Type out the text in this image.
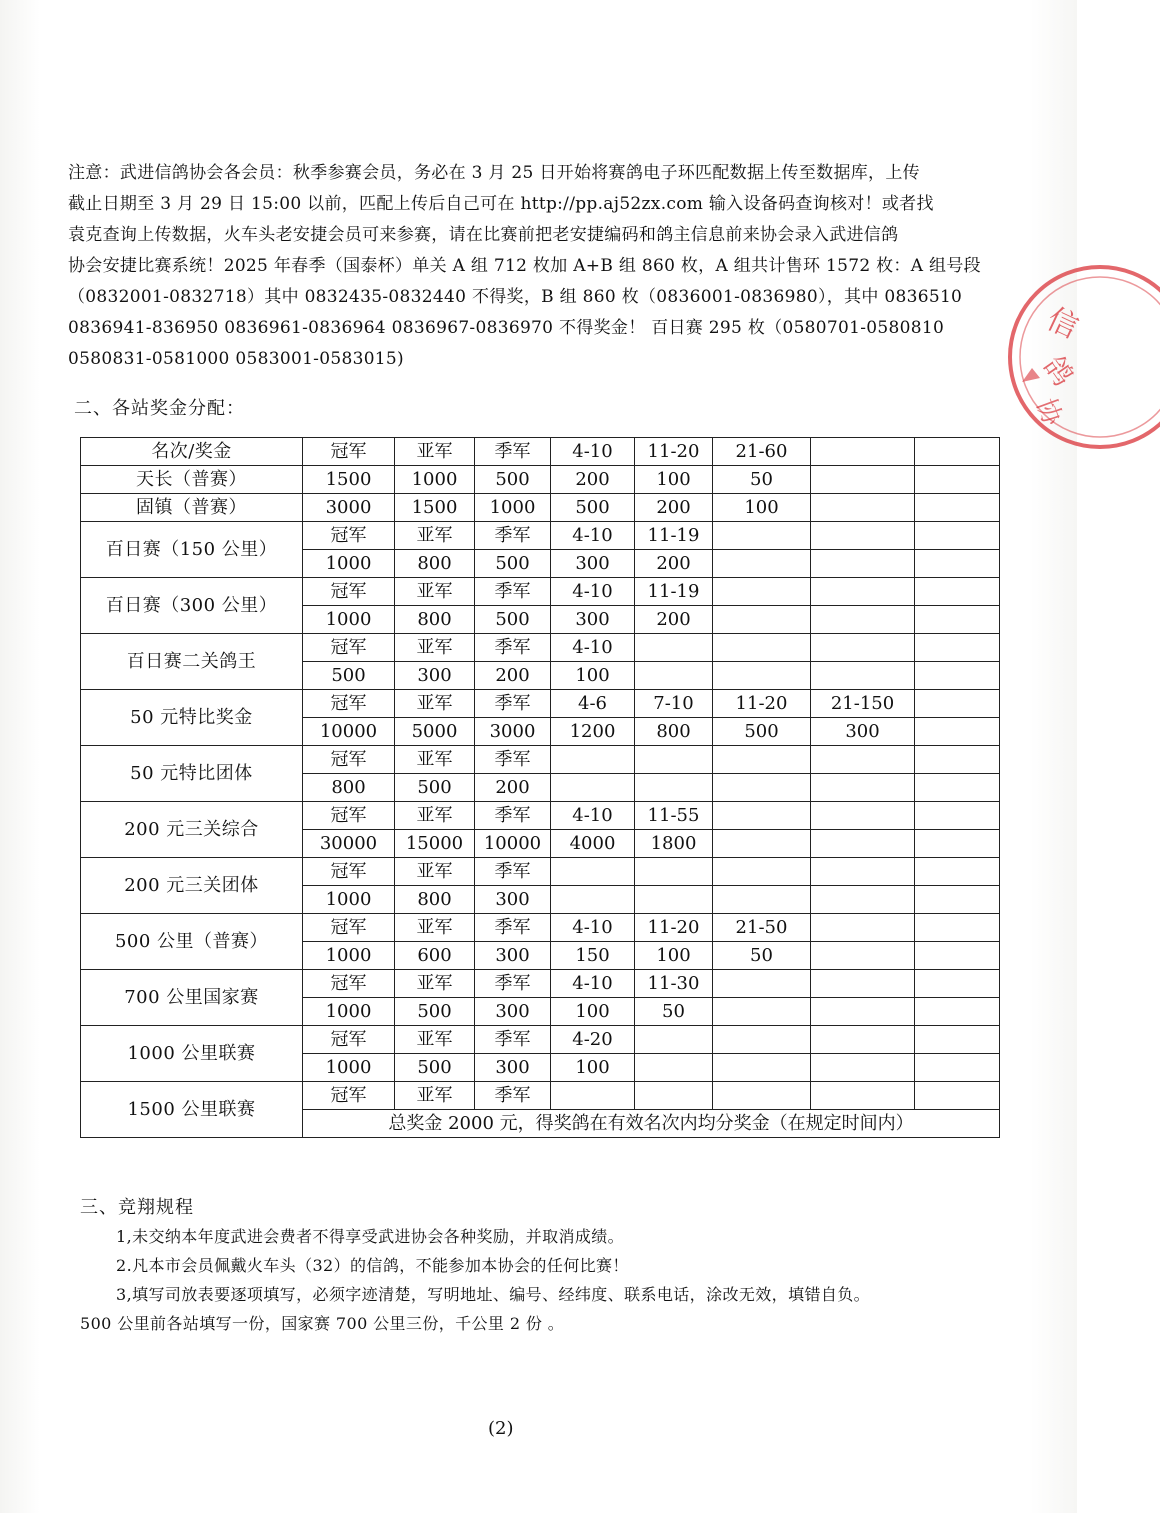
注意：武进信鸽协会各会员：秋季参赛会员，务必在 3 月 25 日开始将赛鸽电子环匹配数据上传至数据库，上传

截止日期至 3 月 29 日 15:00 以前，匹配上传后自己可在 http://pp.aj52zx.com 输入设备码查询核对！或者找

袁克查询上传数据，火车头老安捷会员可来参赛，请在比赛前把老安捷编码和鸽主信息前来协会录入武进信鸽

协会安捷比赛系统！2025 年春季（国泰杯）单关 A 组 712 枚加 A+B 组 860 枚，A 组共计售环 1572 枚：A 组号段

（0832001-0832718）其中 0832435-0832440 不得奖，B 组 860 枚（0836001-0836980），其中 0836510

0836941-836950 0836961-0836964 0836967-0836970 不得奖金！ 百日赛 295 枚（0580701-0580810

0580831-0581000 0583001-0583015)

二、各站奖金分配：
名次/奖金	冠军	亚军	季军	4-10	11-20	21-60		
天长（普赛）	1500	1000	500	200	100	50		
固镇（普赛）	3000	1500	1000	500	200	100		
百日赛（150 公里）	冠军	亚军	季军	4-10	11-19			
	1000	800	500	300	200			
百日赛（300 公里）	冠军	亚军	季军	4-10	11-19			
	1000	800	500	300	200			
百日赛二关鸽王	冠军	亚军	季军	4-10				
	500	300	200	100				
50 元特比奖金	冠军	亚军	季军	4-6	7-10	11-20	21-150	
	10000	5000	3000	1200	800	500	300	
50 元特比团体	冠军	亚军	季军					
	800	500	200					
200 元三关综合	冠军	亚军	季军	4-10	11-55			
	30000	15000	10000	4000	1800			
200 元三关团体	冠军	亚军	季军					
	1000	800	300					
500 公里（普赛）	冠军	亚军	季军	4-10	11-20	21-50		
	1000	600	300	150	100	50		
700 公里国家赛	冠军	亚军	季军	4-10	11-30			
	1000	500	300	100	50			
1000 公里联赛	冠军	亚军	季军	4-20				
	1000	500	300	100				
1500 公里联赛	冠军	亚军	季军					
	总奖金 2000 元，得奖鸽在有效名次内均分奖金（在规定时间内）							
三、竞翔规程

1,未交纳本年度武进会费者不得享受武进协会各种奖励，并取消成绩。

2.凡本市会员佩戴火车头（32）的信鸽，不能参加本协会的任何比赛！

3,填写司放表要逐项填写，必须字迹清楚，写明地址、编号、经纬度、联系电话，涂改无效，填错自负。

500 公里前各站填写一份，国家赛 700 公里三份，千公里 2 份 。

(2)
信
鸽
协
